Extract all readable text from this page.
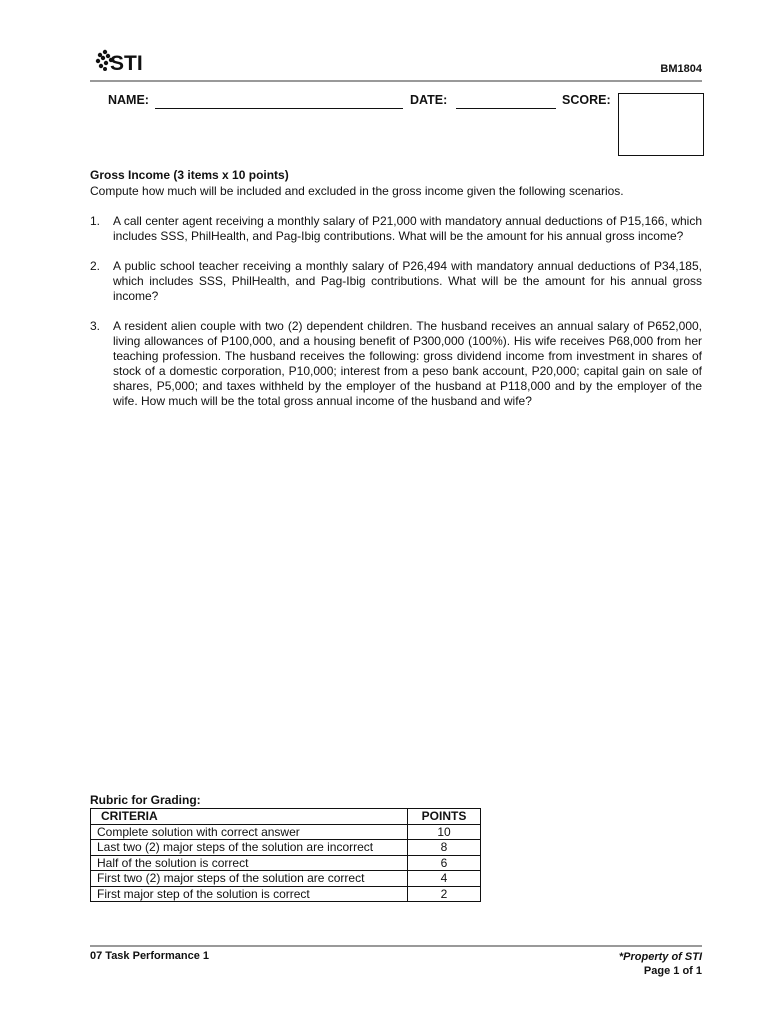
STI	BM1804
NAME:	DATE:	SCORE:
Gross Income (3 items x 10 points)
Compute how much will be included and excluded in the gross income given the following scenarios.
1. A call center agent receiving a monthly salary of P21,000 with mandatory annual deductions of P15,166, which includes SSS, PhilHealth, and Pag-Ibig contributions. What will be the amount for his annual gross income?
2. A public school teacher receiving a monthly salary of P26,494 with mandatory annual deductions of P34,185, which includes SSS, PhilHealth, and Pag-Ibig contributions. What will be the amount for his annual gross income?
3. A resident alien couple with two (2) dependent children. The husband receives an annual salary of P652,000, living allowances of P100,000, and a housing benefit of P300,000 (100%). His wife receives P68,000 from her teaching profession. The husband receives the following: gross dividend income from investment in shares of stock of a domestic corporation, P10,000; interest from a peso bank account, P20,000; capital gain on sale of shares, P5,000; and taxes withheld by the employer of the husband at P118,000 and by the employer of the wife. How much will be the total gross annual income of the husband and wife?
Rubric for Grading:
CRITERIA	POINTS
Complete solution with correct answer	10
Last two (2) major steps of the solution are incorrect	8
Half of the solution is correct	6
First two (2) major steps of the solution are correct	4
First major step of the solution is correct	2
07 Task Performance 1	*Property of STI
Page 1 of 1
